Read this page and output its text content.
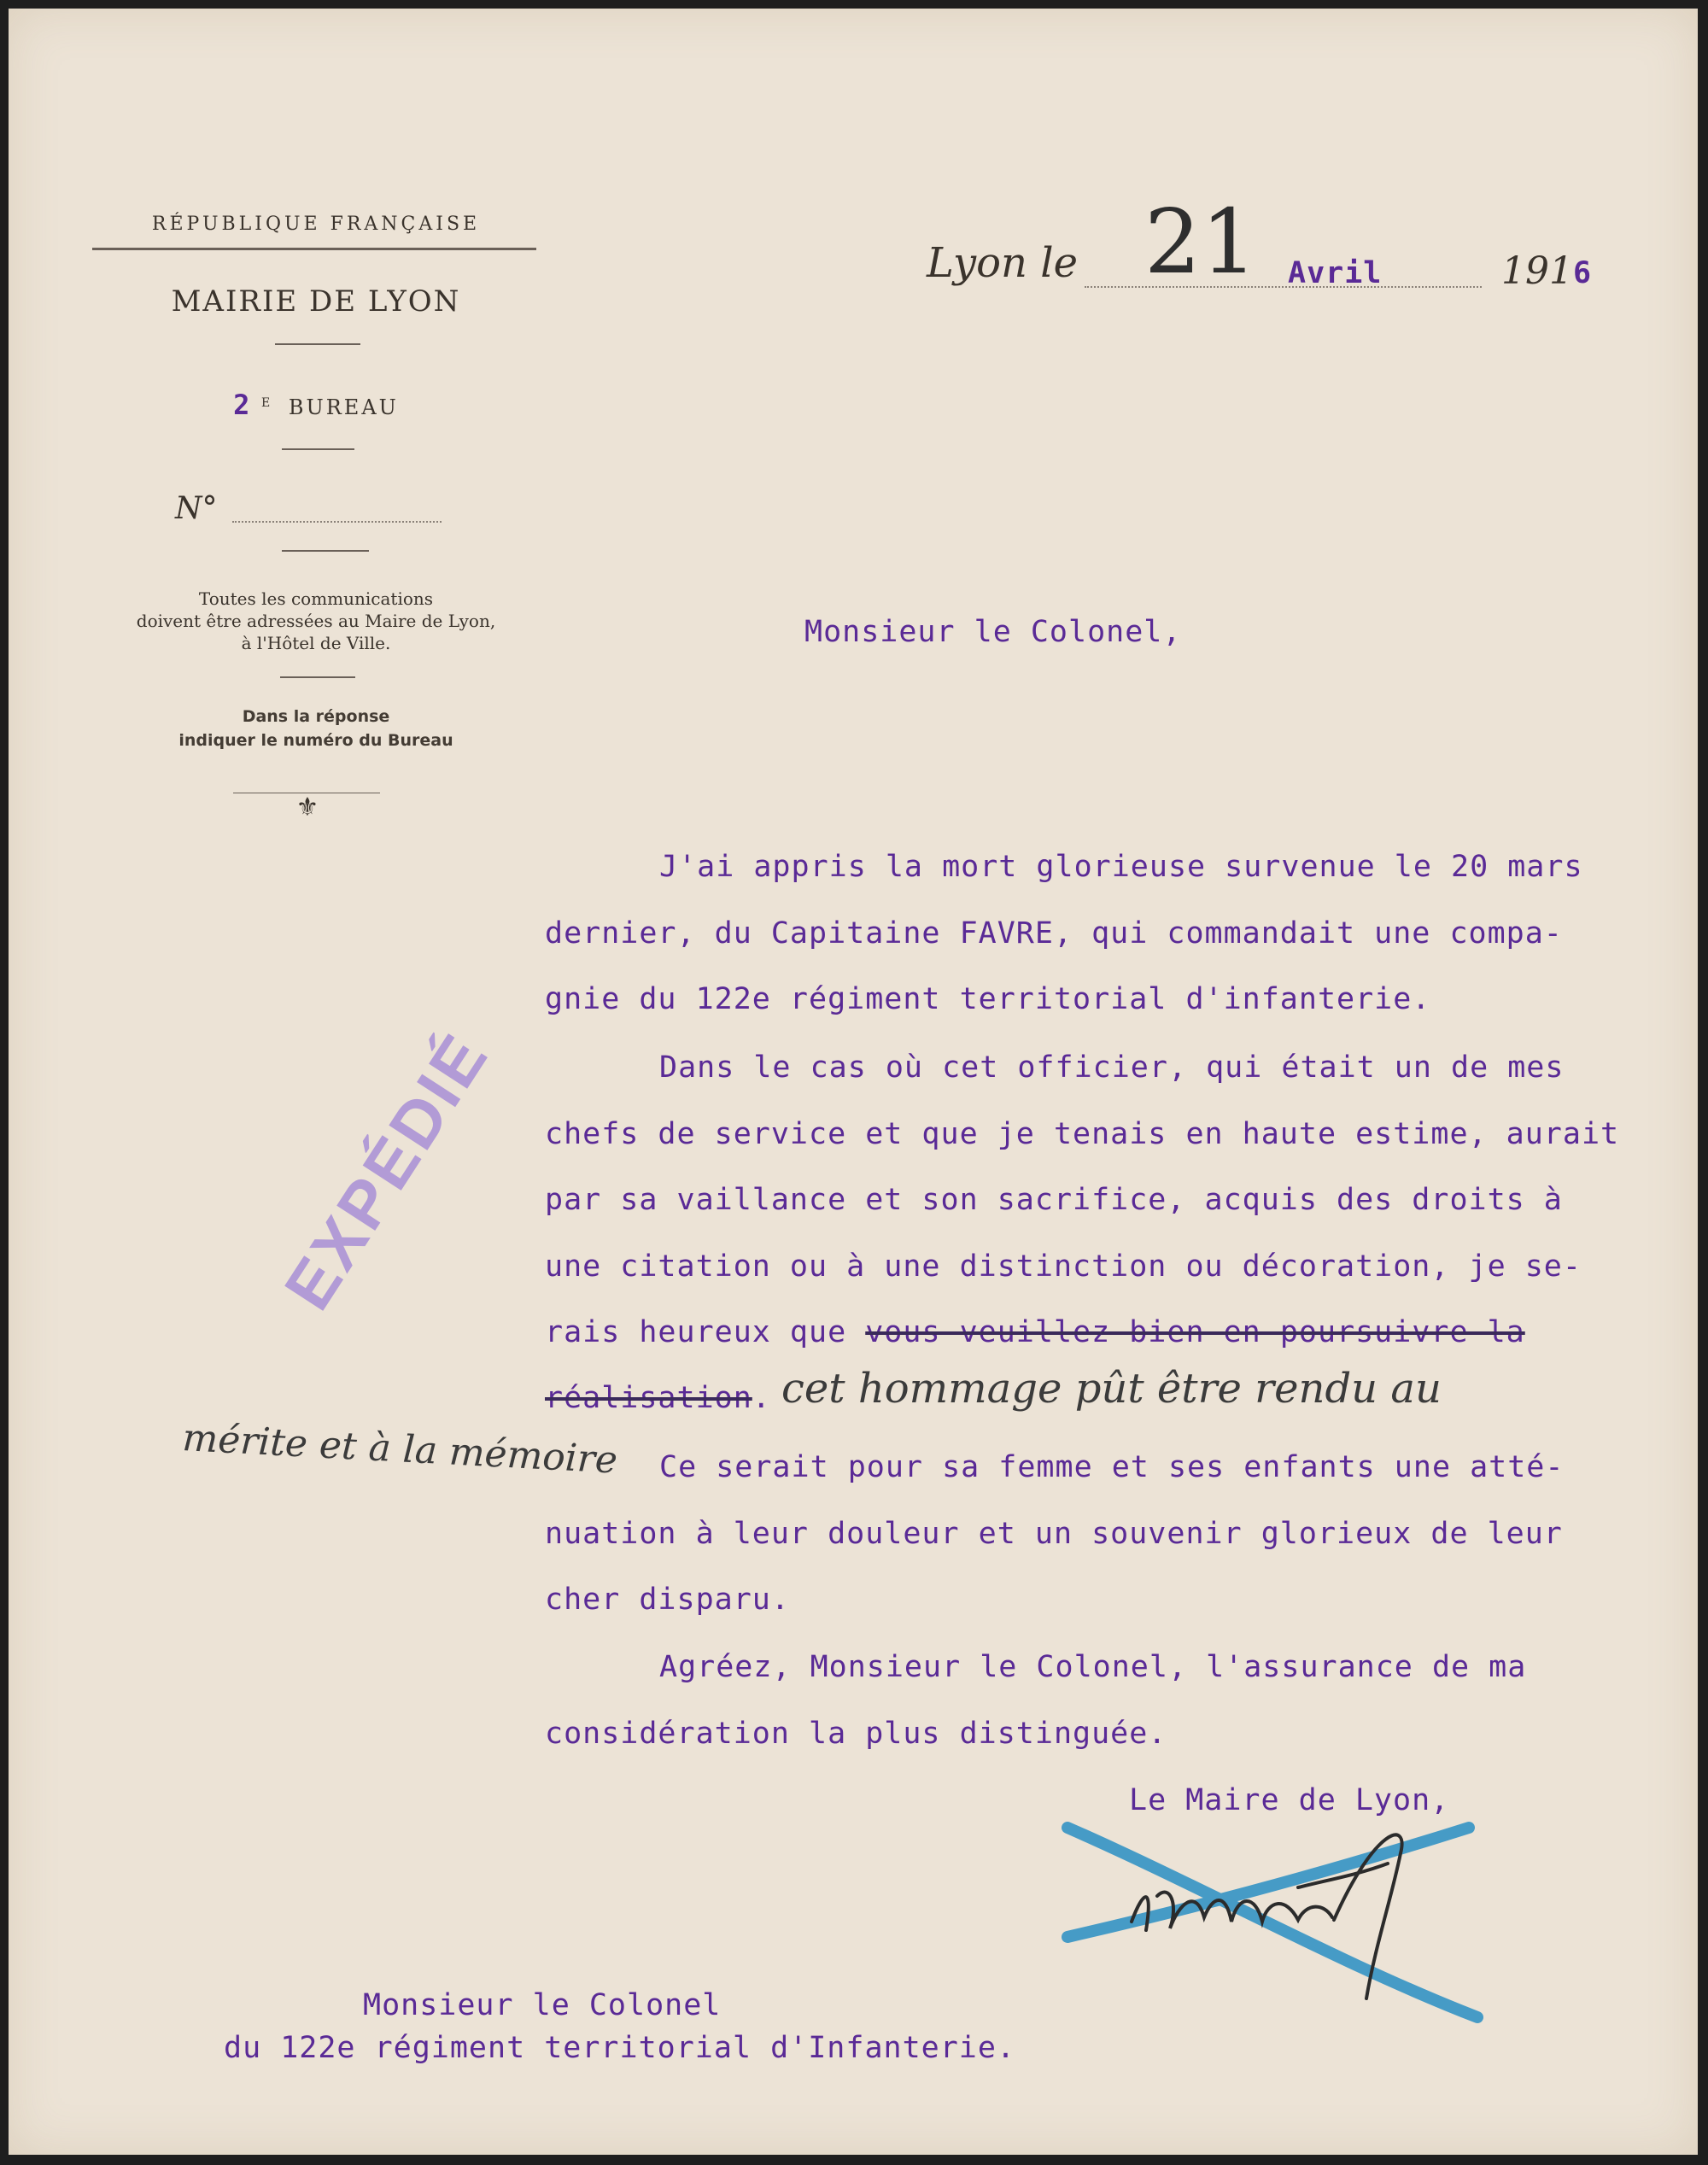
RÉPUBLIQUE FRANÇAISE
MAIRIE DE LYON
2 $^E$ BUREAU
N°
Toutes les communications
doivent être adressées au Maire de Lyon,
à l'Hôtel de Ville.
Dans la réponse
indiquer le numéro du Bureau
⚜
Lyon le 21 Avril	191 6
EXPÉDIÉ
Monsieur le Colonel,
J'ai appris la mort glorieuse survenue le 20 mars
dernier, du Capitaine FAVRE, qui commandait une compa-
gnie du 122e régiment territorial d'infanterie.
Dans le cas où cet officier, qui était un de mes
chefs de service et que je tenais en haute estime, aurait
par sa vaillance et son sacrifice, acquis des droits à
une citation ou à une distinction ou décoration, je se-
rais heureux que vous veuillez bien en poursuivre la
réalisation. cet hommage pût être rendu au
mérite et à la mémoire Ce serait pour sa femme et ses enfants une atté-
nuation à leur douleur et un souvenir glorieux de leur
cher disparu.
Agréez, Monsieur le Colonel, l'assurance de ma
considération la plus distinguée.
Le Maire de Lyon,
Monsieur le Colonel
du 122e régiment territorial d'Infanterie.
